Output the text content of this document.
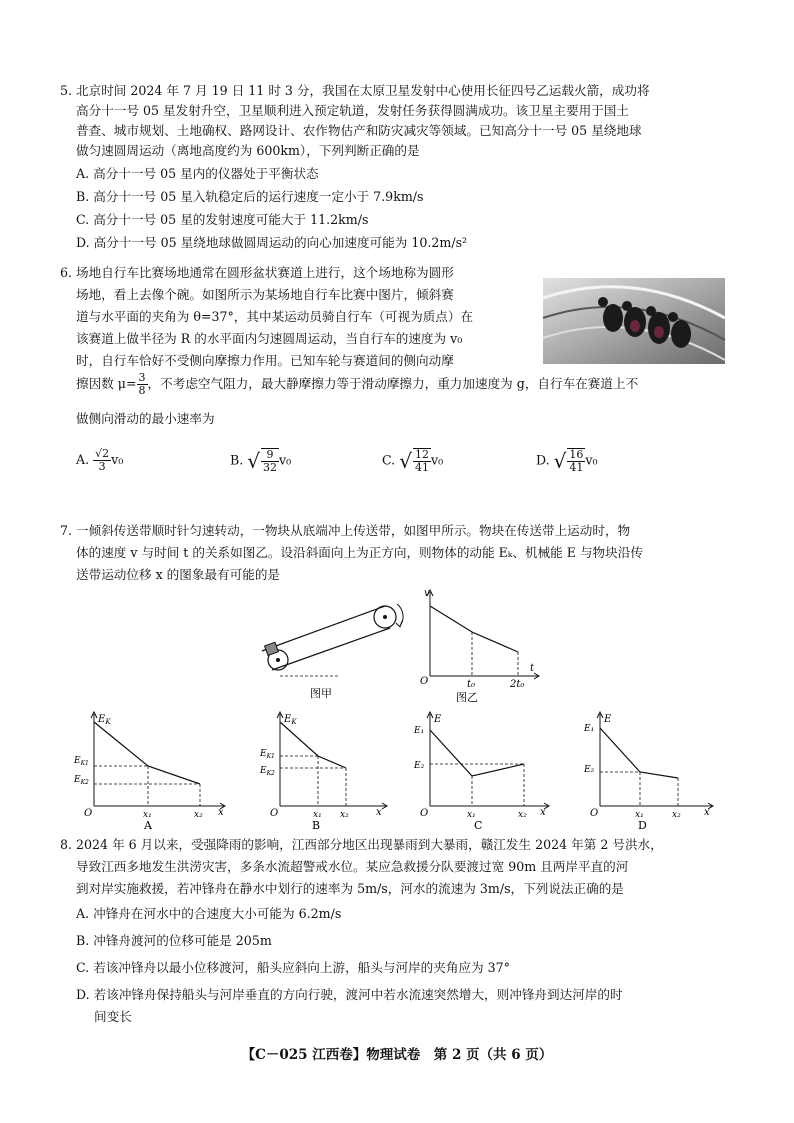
5. 北京时间 2024 年 7 月 19 日 11 时 3 分，我国在太原卫星发射中心使用长征四号乙运载火箭，成功将
高分十一号 05 星发射升空，卫星顺利进入预定轨道，发射任务获得圆满成功。该卫星主要用于国土
普查、城市规划、土地确权、路网设计、农作物估产和防灾减灾等领域。已知高分十一号 05 星绕地球
做匀速圆周运动（离地高度约为 600km），下列判断正确的是
A. 高分十一号 05 星内的仪器处于平衡状态
B. 高分十一号 05 星入轨稳定后的运行速度一定小于 7.9km/s
C. 高分十一号 05 星的发射速度可能大于 11.2km/s
D. 高分十一号 05 星绕地球做圆周运动的向心加速度可能为 10.2m/s²
6. 场地自行车比赛场地通常在圆形盆状赛道上进行，这个场地称为圆形
场地，看上去像个碗。如图所示为某场地自行车比赛中图片，倾斜赛
道与水平面的夹角为 θ=37°，其中某运动员骑自行车（可视为质点）在
该赛道上做半径为 R 的水平面内匀速圆周运动，当自行车的速度为 v₀
时，自行车恰好不受侧向摩擦力作用。已知车轮与赛道间的侧向动摩
擦因数 $\mu= \frac{3}{8}$ ，不考虑空气阻力，最大静摩擦力等于滑动摩擦力，重力加速度为 g，自行车在赛道上不
做侧向滑动的最小速率为
A. $\frac{√2}{3} v_0$	B. √ $\frac{9}{32} v_0$	C. √ $\frac{12}{41} v_0$	D. √ $\frac{16}{41} v_0$
7. 一倾斜传送带顺时针匀速转动，一物块从底端冲上传送带，如图甲所示。物块在传送带上运动时，物
体的速度 v 与时间 t 的关系如图乙。设沿斜面向上为正方向，则物体的动能 Eₖ、机械能 E 与物块沿传
送带运动位移 x 的图象最有可能的是
图甲
v
t
O	t₀	2t₀
图乙
$E_K$
$E_{K1}$
$E_{K2}$
O	x₁	x₂ x
A
$E_K$
$E_{K1}$
$E_{K2}$
O	x₁ x₂	x
B
E
E₁
E₂
O	x₁	x₂ x
C
E
E₁
E₂
O	x₁	x₂ x
D
8. 2024 年 6 月以来，受强降雨的影响，江西部分地区出现暴雨到大暴雨，赣江发生 2024 年第 2 号洪水，
导致江西多地发生洪涝灾害，多条水流超警戒水位。某应急救援分队要渡过宽 90m 且两岸平直的河
到对岸实施救援，若冲锋舟在静水中划行的速率为 5m/s，河水的流速为 3m/s，下列说法正确的是
A. 冲锋舟在河水中的合速度大小可能为 6.2m/s
B. 冲锋舟渡河的位移可能是 205m
C. 若该冲锋舟以最小位移渡河，船头应斜向上游，船头与河岸的夹角应为 37°
D. 若该冲锋舟保持船头与河岸垂直的方向行驶，渡河中若水流速突然增大，则冲锋舟到达河岸的时
间变长
【C－025 江西卷】物理试卷　第 2 页（共 6 页）
